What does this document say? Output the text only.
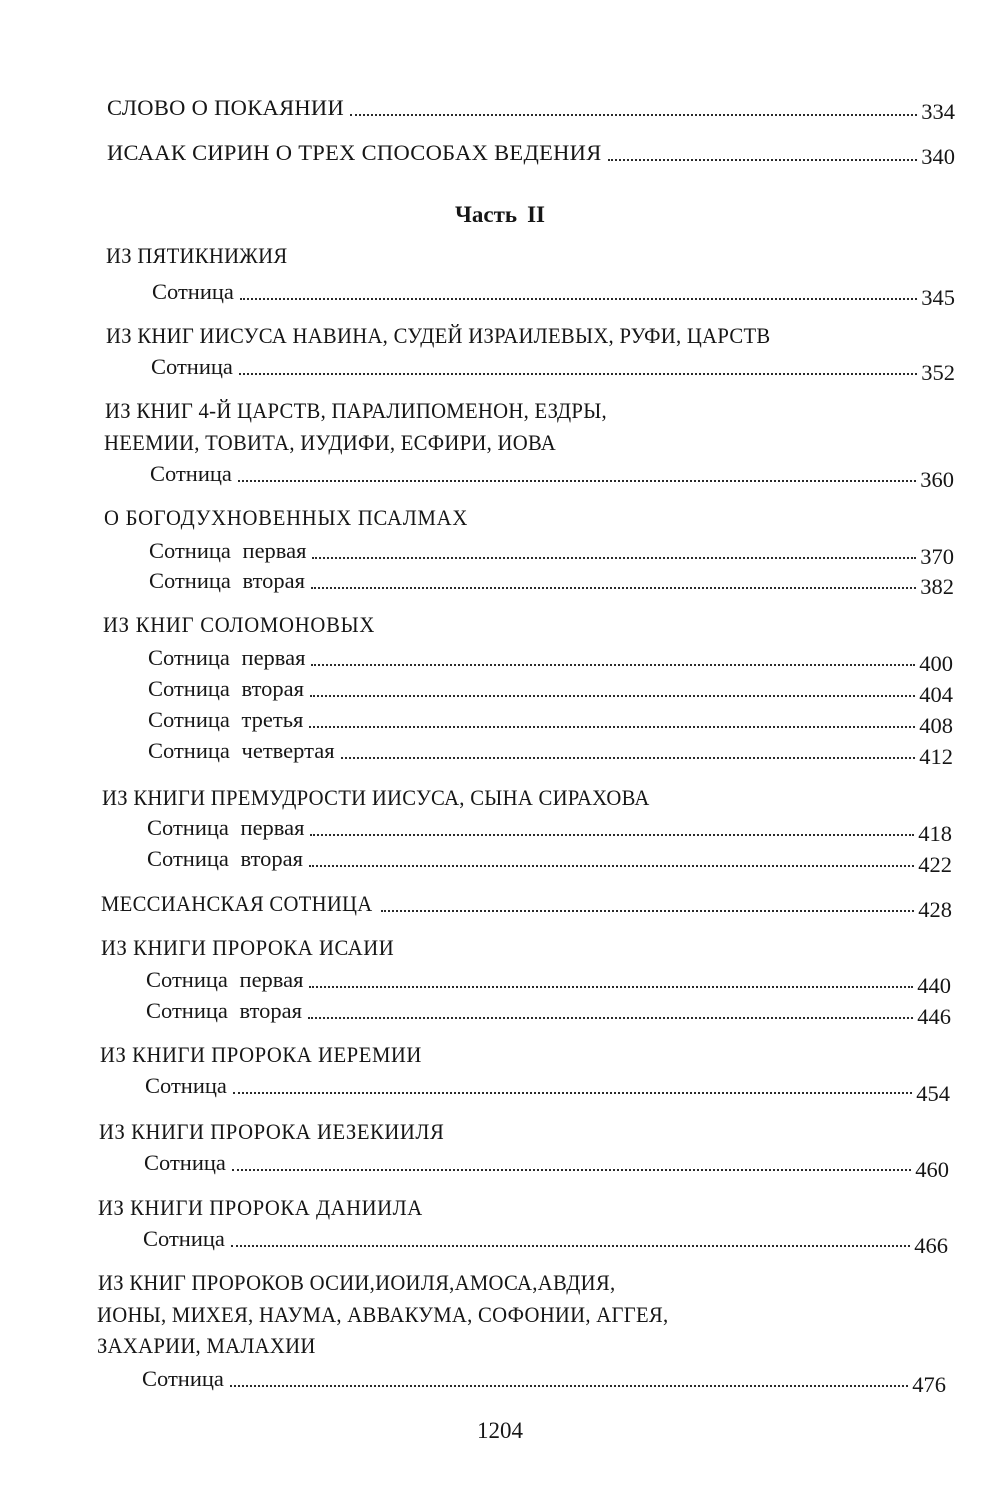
СЛОВО О ПОКАЯНИИ	334
ИСААК СИРИН О ТРЕХ СПОСОБАХ ВЕДЕНИЯ	340
Часть II
ИЗ ПЯТИКНИЖИЯ
Сотница	345
ИЗ КНИГ ИИСУСА НАВИНА, СУДЕЙ ИЗРАИЛЕВЫХ, РУФИ, ЦАРСТВ
Сотница	352
ИЗ КНИГ 4-Й ЦАРСТВ, ПАРАЛИПОМЕНОН, ЕЗДРЫ,
НЕЕМИИ, ТОВИТА, ИУДИФИ, ЕСФИРИ, ИОВА
Сотница	360
О БОГОДУХНОВЕННЫХ ПСАЛМАХ
Сотница первая	370
Сотница вторая	382
ИЗ КНИГ СОЛОМОНОВЫХ
Сотница первая	400
Сотница вторая	404
Сотница третья	408
Сотница четвертая	412
ИЗ КНИГИ ПРЕМУДРОСТИ ИИСУСА, СЫНА СИРАХОВА
Сотница первая	418
Сотница вторая	422
МЕССИАНСКАЯ СОТНИЦА	428
ИЗ КНИГИ ПРОРОКА ИСАИИ
Сотница первая	440
Сотница вторая	446
ИЗ КНИГИ ПРОРОКА ИЕРЕМИИ
Сотница	454
ИЗ КНИГИ ПРОРОКА ИЕЗЕКИИЛЯ
Сотница	460
ИЗ КНИГИ ПРОРОКА ДАНИИЛА
Сотница	466
ИЗ КНИГ ПРОРОКОВ ОСИИ,ИОИЛЯ,АМОСА,АВДИЯ,
ИОНЫ, МИХЕЯ, НАУМА, АВВАКУМА, СОФОНИИ, АГГЕЯ,
ЗАХАРИИ, МАЛАХИИ
Сотница	476
1204
